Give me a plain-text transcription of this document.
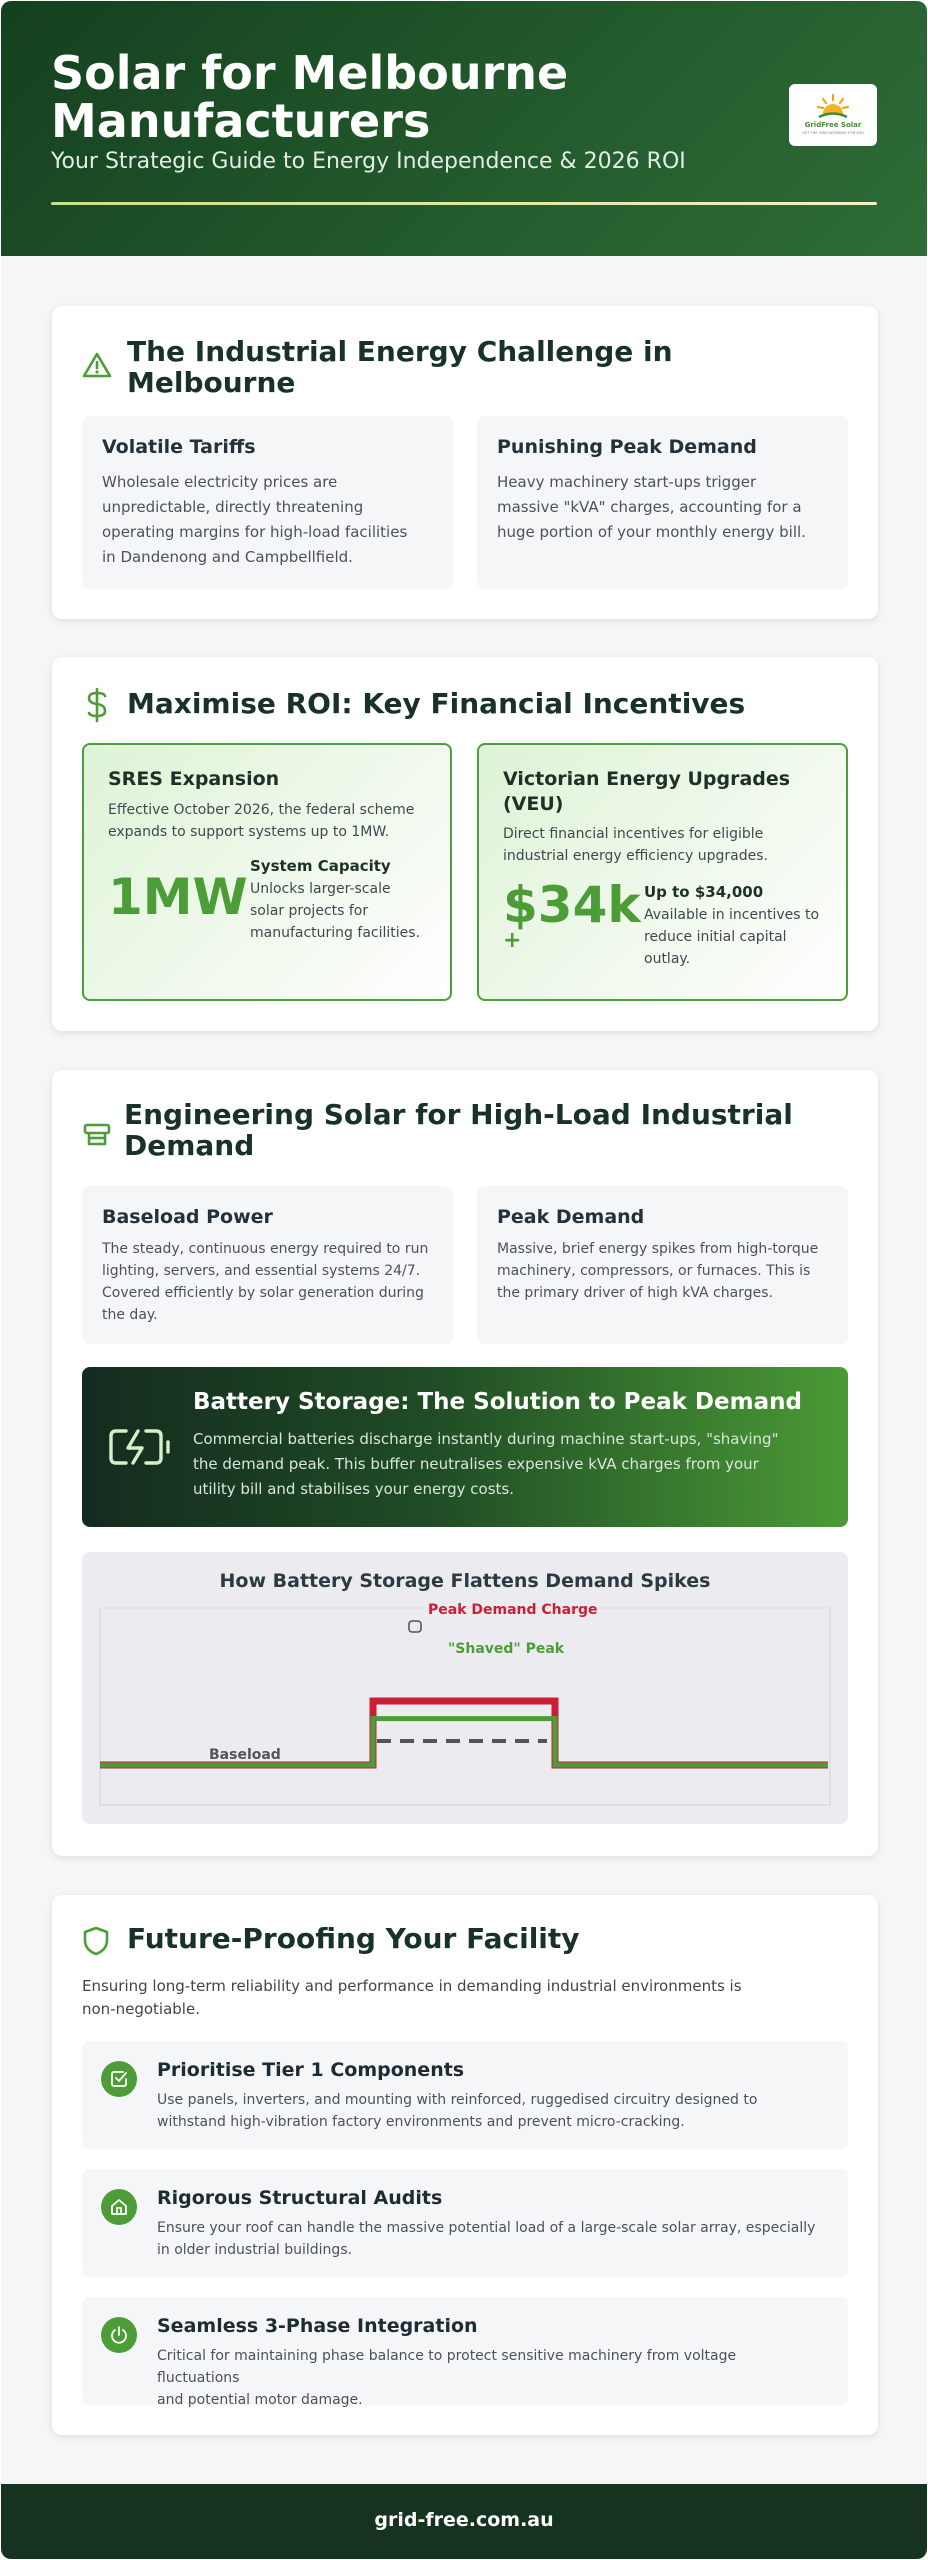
Solar for Melbourne Manufacturers
Your Strategic Guide to Energy Independence & 2026 ROI
GridFree Solar
GET THE GRID WORKING FOR YOU
The Industrial Energy Challenge in Melbourne
Volatile Tariffs

Wholesale electricity prices are
unpredictable, directly threatening
operating margins for high-load facilities
in Dandenong and Campbellfield.

Punishing Peak Demand

Heavy machinery start-ups trigger
massive "kVA" charges, accounting for a
huge portion of your monthly energy bill.

Maximise ROI: Key Financial Incentives
SRES Expansion
Effective October 2026, the federal scheme
expands to support systems up to 1MW.
1MW
System Capacity
Unlocks larger-scale
solar projects for
manufacturing facilities.
Victorian Energy Upgrades
(VEU)
Direct financial incentives for eligible
industrial energy efficiency upgrades.
$34k
+
Up to $34,000
Available in incentives to
reduce initial capital
outlay.
Engineering Solar for High-Load Industrial Demand
Baseload Power

The steady, continuous energy required to run
lighting, servers, and essential systems 24/7.
Covered efficiently by solar generation during
the day.

Peak Demand

Massive, brief energy spikes from high-torque
machinery, compressors, or furnaces. This is
the primary driver of high kVA charges.

Battery Storage: The Solution to Peak Demand

Commercial batteries discharge instantly during machine start-ups, "shaving"
the demand peak. This buffer neutralises expensive kVA charges from your
utility bill and stabilises your energy costs.

How Battery Storage Flattens Demand Spikes
Peak Demand Charge
"Shaved" Peak
Baseload
Future-Proofing Your Facility

Ensuring long-term reliability and performance in demanding industrial environments is
non-negotiable.

Prioritise Tier 1 Components

Use panels, inverters, and mounting with reinforced, ruggedised circuitry designed to
withstand high-vibration factory environments and prevent micro-cracking.

Rigorous Structural Audits

Ensure your roof can handle the massive potential load of a large-scale solar array, especially
in older industrial buildings.

Seamless 3-Phase Integration

Critical for maintaining phase balance to protect sensitive machinery from voltage fluctuations
and potential motor damage.

grid-free.com.au
